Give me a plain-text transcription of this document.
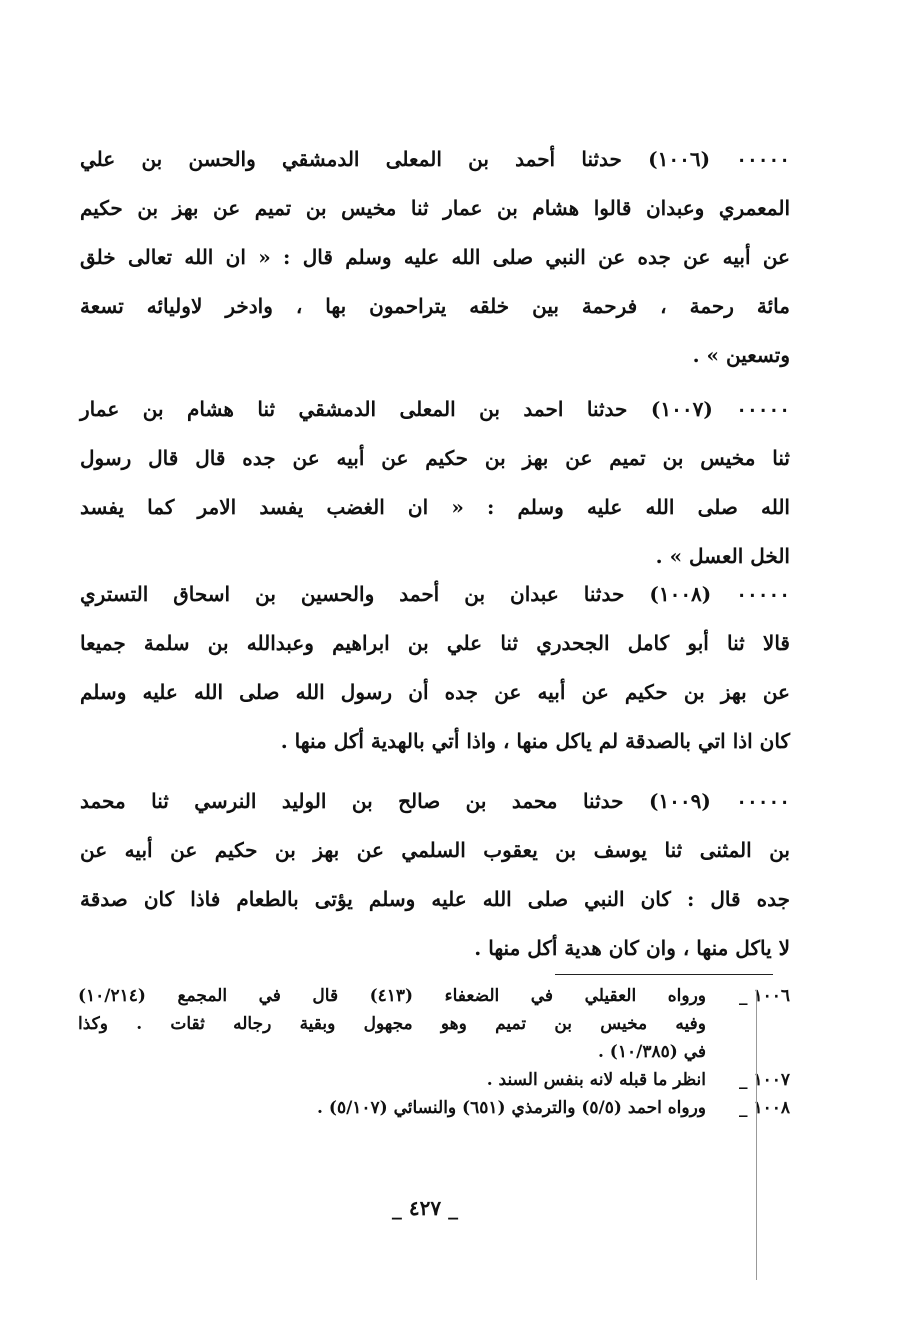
٠٠٠٠٠ (١٠٠٦) حدثنا أحمد بن المعلى الدمشقي والحسن بن علي
المعمري وعبدان قالوا هشام بن عمار ثنا مخيس بن تميم عن بهز بن حكيم
عن أبيه عن جده عن النبي صلى الله عليه وسلم قال : « ان الله تعالى خلق
مائة رحمة ، فرحمة بين خلقه يتراحمون بها ، وادخر لاوليائه تسعة
وتسعين » .
٠٠٠٠٠ (١٠٠٧) حدثنا احمد بن المعلى الدمشقي ثنا هشام بن عمار
ثنا مخيس بن تميم عن بهز بن حكيم عن أبيه عن جده قال قال رسول
الله صلى الله عليه وسلم : « ان الغضب يفسد الامر كما يفسد
الخل العسل » .
٠٠٠٠٠ (١٠٠٨) حدثنا عبدان بن أحمد والحسين بن اسحاق التستري
قالا ثنا أبو كامل الجحدري ثنا علي بن ابراهيم وعبدالله بن سلمة جميعا
عن بهز بن حكيم عن أبيه عن جده أن رسول الله صلى الله عليه وسلم
كان اذا اتي بالصدقة لم ياكل منها ، واذا أتي بالهدية أكل منها .
٠٠٠٠٠ (١٠٠٩) حدثنا محمد بن صالح بن الوليد النرسي ثنا محمد
بن المثنى ثنا يوسف بن يعقوب السلمي عن بهز بن حكيم عن أبيه عن
جده قال : كان النبي صلى الله عليه وسلم يؤتى بالطعام فاذا كان صدقة
لا ياكل منها ، وان كان هدية أكل منها .
١٠٠٦ _
ورواه العقيلي في الضعفاء (٤١٣) قال في المجمع (١٠/٢١٤)
وفيه مخيس بن تميم وهو مجهول وبقية رجاله ثقات . وكذا
في (١٠/٣٨٥) .
١٠٠٧ _
انظر ما قبله لانه بنفس السند .
١٠٠٨ _
ورواه احمد (٥/٥) والترمذي (٦٥١) والنسائي (٥/١٠٧) .
_ ٤٢٧ _
